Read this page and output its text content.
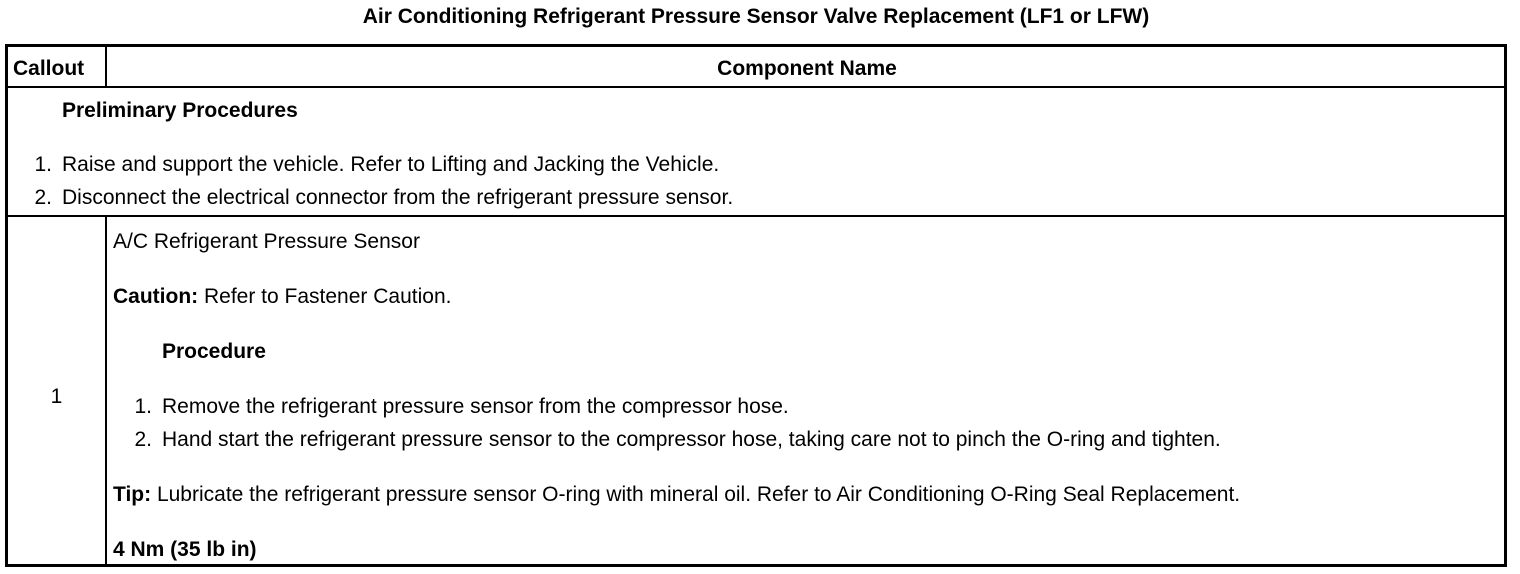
Air Conditioning Refrigerant Pressure Sensor Valve Replacement (LF1 or LFW)
Callout	Component Name
Preliminary Procedures
1. Raise and support the vehicle. Refer to Lifting and Jacking the Vehicle.
2. Disconnect the electrical connector from the refrigerant pressure sensor.
1
A/C Refrigerant Pressure Sensor
Caution: Refer to Fastener Caution.
Procedure
1. Remove the refrigerant pressure sensor from the compressor hose.
2. Hand start the refrigerant pressure sensor to the compressor hose, taking care not to pinch the O-ring and tighten.
Tip: Lubricate the refrigerant pressure sensor O-ring with mineral oil. Refer to Air Conditioning O-Ring Seal Replacement.
4 Nm (35 lb in)
